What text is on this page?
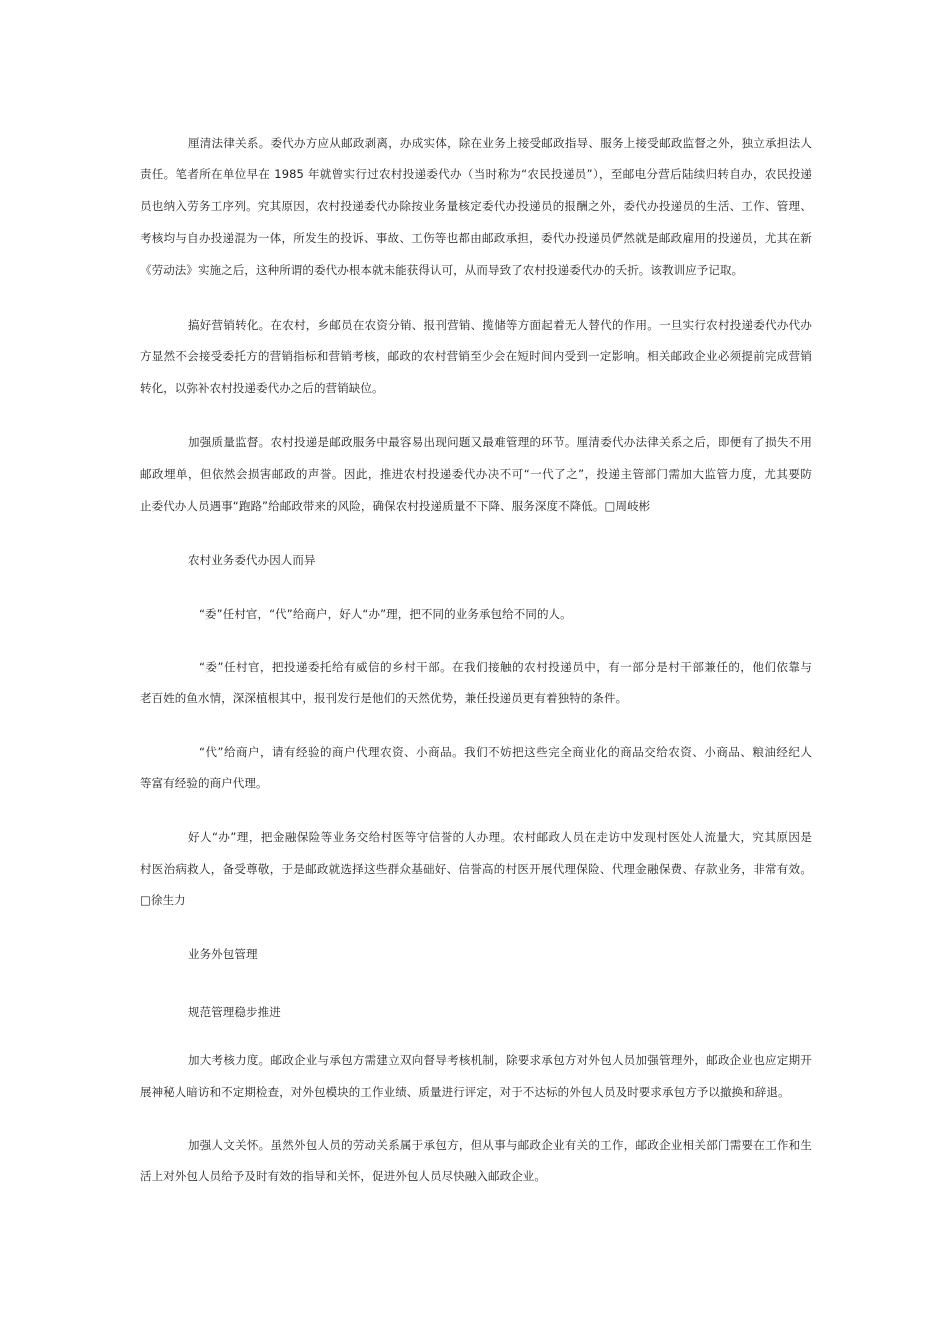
厘清法律关系。委代办方应从邮政剥离，办成实体，除在业务上接受邮政指导、服务上接受邮政监督之外，独立承担法人
责任。笔者所在单位早在 1985 年就曾实行过农村投递委代办（当时称为“农民投递员”），至邮电分营后陆续归转自办，农民投递
员也纳入劳务工序列。究其原因，农村投递委代办除按业务量核定委代办投递员的报酬之外，委代办投递员的生活、工作、管理、
考核均与自办投递混为一体，所发生的投诉、事故、工伤等也都由邮政承担，委代办投递员俨然就是邮政雇用的投递员，尤其在新
《劳动法》实施之后，这种所谓的委代办根本就未能获得认可，从而导致了农村投递委代办的夭折。该教训应予记取。
搞好营销转化。在农村，乡邮员在农资分销、报刊营销、揽储等方面起着无人替代的作用。一旦实行农村投递委代办代办
方显然不会接受委托方的营销指标和营销考核，邮政的农村营销至少会在短时间内受到一定影响。相关邮政企业必须提前完成营销
转化，以弥补农村投递委代办之后的营销缺位。
加强质量监督。农村投递是邮政服务中最容易出现问题又最难管理的环节。厘清委代办法律关系之后，即便有了损失不用
邮政埋单，但依然会损害邮政的声誉。因此，推进农村投递委代办决不可“一代了之”，投递主管部门需加大监管力度，尤其要防
止委代办人员遇事“跑路”给邮政带来的风险，确保农村投递质量不下降、服务深度不降低。□周岐彬
农村业务委代办因人而异
“委”任村官，“代”给商户，好人“办”理，把不同的业务承包给不同的人。
“委”任村官，把投递委托给有威信的乡村干部。在我们接触的农村投递员中，有一部分是村干部兼任的，他们依靠与
老百姓的鱼水情，深深植根其中，报刊发行是他们的天然优势，兼任投递员更有着独特的条件。
“代”给商户，请有经验的商户代理农资、小商品。我们不妨把这些完全商业化的商品交给农资、小商品、粮油经纪人
等富有经验的商户代理。
好人“办”理，把金融保险等业务交给村医等守信誉的人办理。农村邮政人员在走访中发现村医处人流量大，究其原因是
村医治病救人，备受尊敬，于是邮政就选择这些群众基础好、信誉高的村医开展代理保险、代理金融保费、存款业务，非常有效。
□徐生力
业务外包管理
规范管理稳步推进
加大考核力度。邮政企业与承包方需建立双向督导考核机制，除要求承包方对外包人员加强管理外，邮政企业也应定期开
展神秘人暗访和不定期检查，对外包模块的工作业绩、质量进行评定，对于不达标的外包人员及时要求承包方予以撤换和辞退。
加强人文关怀。虽然外包人员的劳动关系属于承包方，但从事与邮政企业有关的工作，邮政企业相关部门需要在工作和生
活上对外包人员给予及时有效的指导和关怀，促进外包人员尽快融入邮政企业。
